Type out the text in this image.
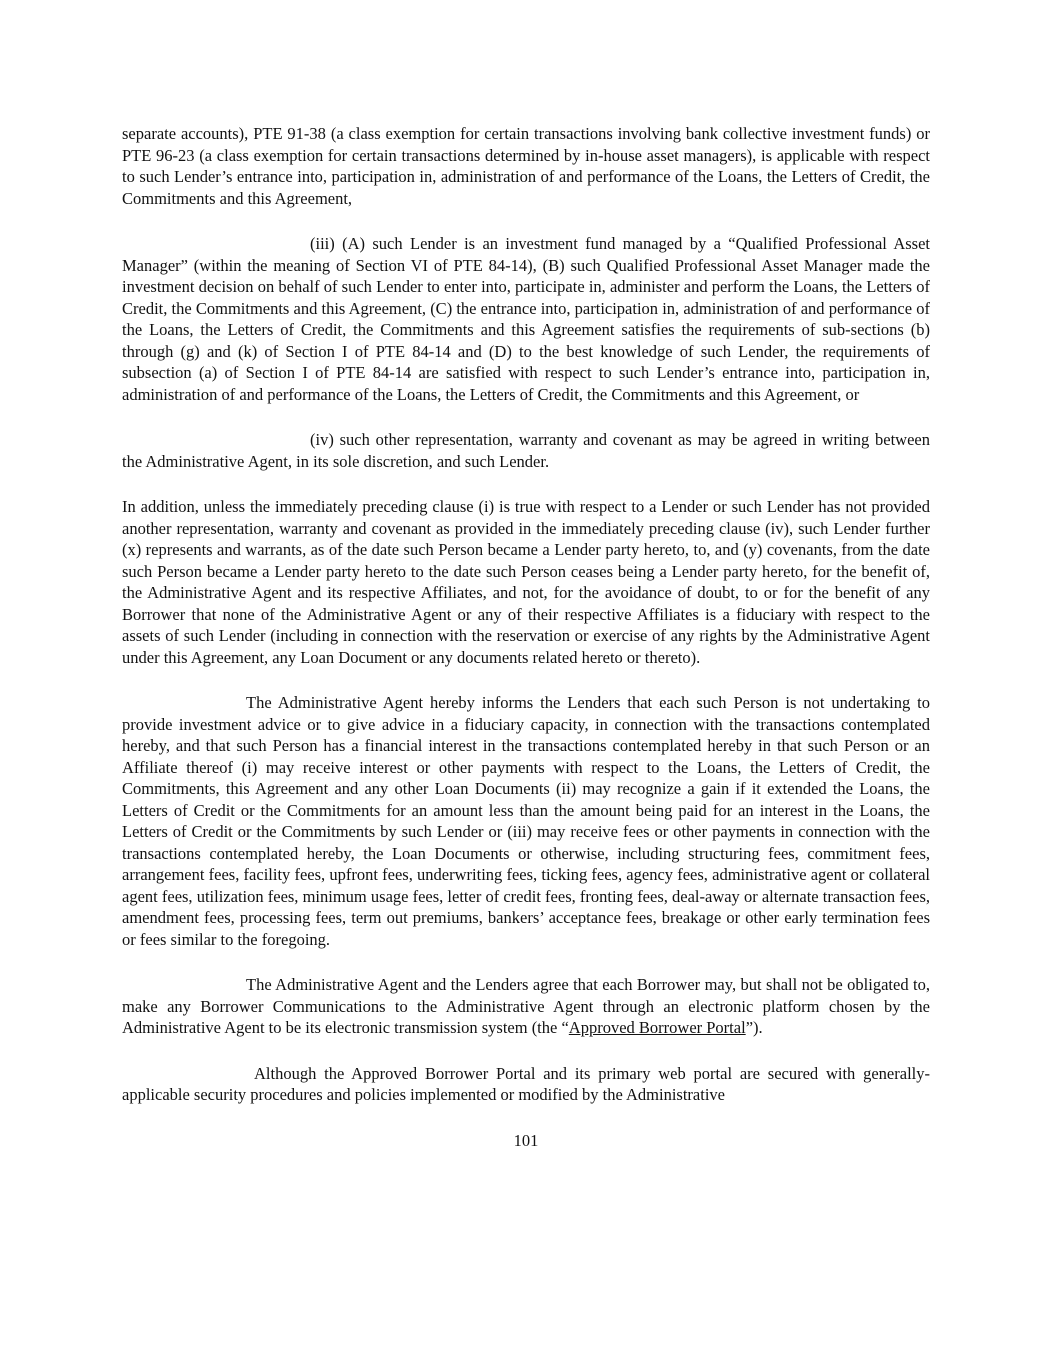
separate accounts), PTE 91-38 (a class exemption for certain transactions involving bank collective investment funds) or PTE 96-23 (a class exemption for certain transactions determined by in-house asset managers), is applicable with respect to such Lender’s entrance into, participation in, administration of and performance of the Loans, the Letters of Credit, the Commitments and this Agreement,

(iii) (A) such Lender is an investment fund managed by a “Qualified Professional Asset Manager” (within the meaning of Section VI of PTE 84-14), (B) such Qualified Professional Asset Manager made the investment decision on behalf of such Lender to enter into, participate in, administer and perform the Loans, the Letters of Credit, the Commitments and this Agreement, (C) the entrance into, participation in, administration of and performance of the Loans, the Letters of Credit, the Commitments and this Agreement satisfies the requirements of sub-sections (b) through (g) and (k) of Section I of PTE 84-14 and (D) to the best knowledge of such Lender, the requirements of subsection (a) of Section I of PTE 84-14 are satisfied with respect to such Lender’s entrance into, participation in, administration of and performance of the Loans, the Letters of Credit, the Commitments and this Agreement, or

(iv) such other representation, warranty and covenant as may be agreed in writing between the Administrative Agent, in its sole discretion, and such Lender.

In addition, unless the immediately preceding clause (i) is true with respect to a Lender or such Lender has not provided another representation, warranty and covenant as provided in the immediately preceding clause (iv), such Lender further (x) represents and warrants, as of the date such Person became a Lender party hereto, to, and (y) covenants, from the date such Person became a Lender party hereto to the date such Person ceases being a Lender party hereto, for the benefit of, the Administrative Agent and its respective Affiliates, and not, for the avoidance of doubt, to or for the benefit of any Borrower that none of the Administrative Agent or any of their respective Affiliates is a fiduciary with respect to the assets of such Lender (including in connection with the reservation or exercise of any rights by the Administrative Agent under this Agreement, any Loan Document or any documents related hereto or thereto).

The Administrative Agent hereby informs the Lenders that each such Person is not undertaking to provide investment advice or to give advice in a fiduciary capacity, in connection with the transactions contemplated hereby, and that such Person has a financial interest in the transactions contemplated hereby in that such Person or an Affiliate thereof (i) may receive interest or other payments with respect to the Loans, the Letters of Credit, the Commitments, this Agreement and any other Loan Documents (ii) may recognize a gain if it extended the Loans, the Letters of Credit or the Commitments for an amount less than the amount being paid for an interest in the Loans, the Letters of Credit or the Commitments by such Lender or (iii) may receive fees or other payments in connection with the transactions contemplated hereby, the Loan Documents or otherwise, including structuring fees, commitment fees, arrangement fees, facility fees, upfront fees, underwriting fees, ticking fees, agency fees, administrative agent or collateral agent fees, utilization fees, minimum usage fees, letter of credit fees, fronting fees, deal-away or alternate transaction fees, amendment fees, processing fees, term out premiums, bankers’ acceptance fees, breakage or other early termination fees or fees similar to the foregoing.

The Administrative Agent and the Lenders agree that each Borrower may, but shall not be obligated to, make any Borrower Communications to the Administrative Agent through an electronic platform chosen by the Administrative Agent to be its electronic transmission system (the “Approved Borrower Portal”).

Although the Approved Borrower Portal and its primary web portal are secured with generally-applicable security procedures and policies implemented or modified by the Administrative

101
